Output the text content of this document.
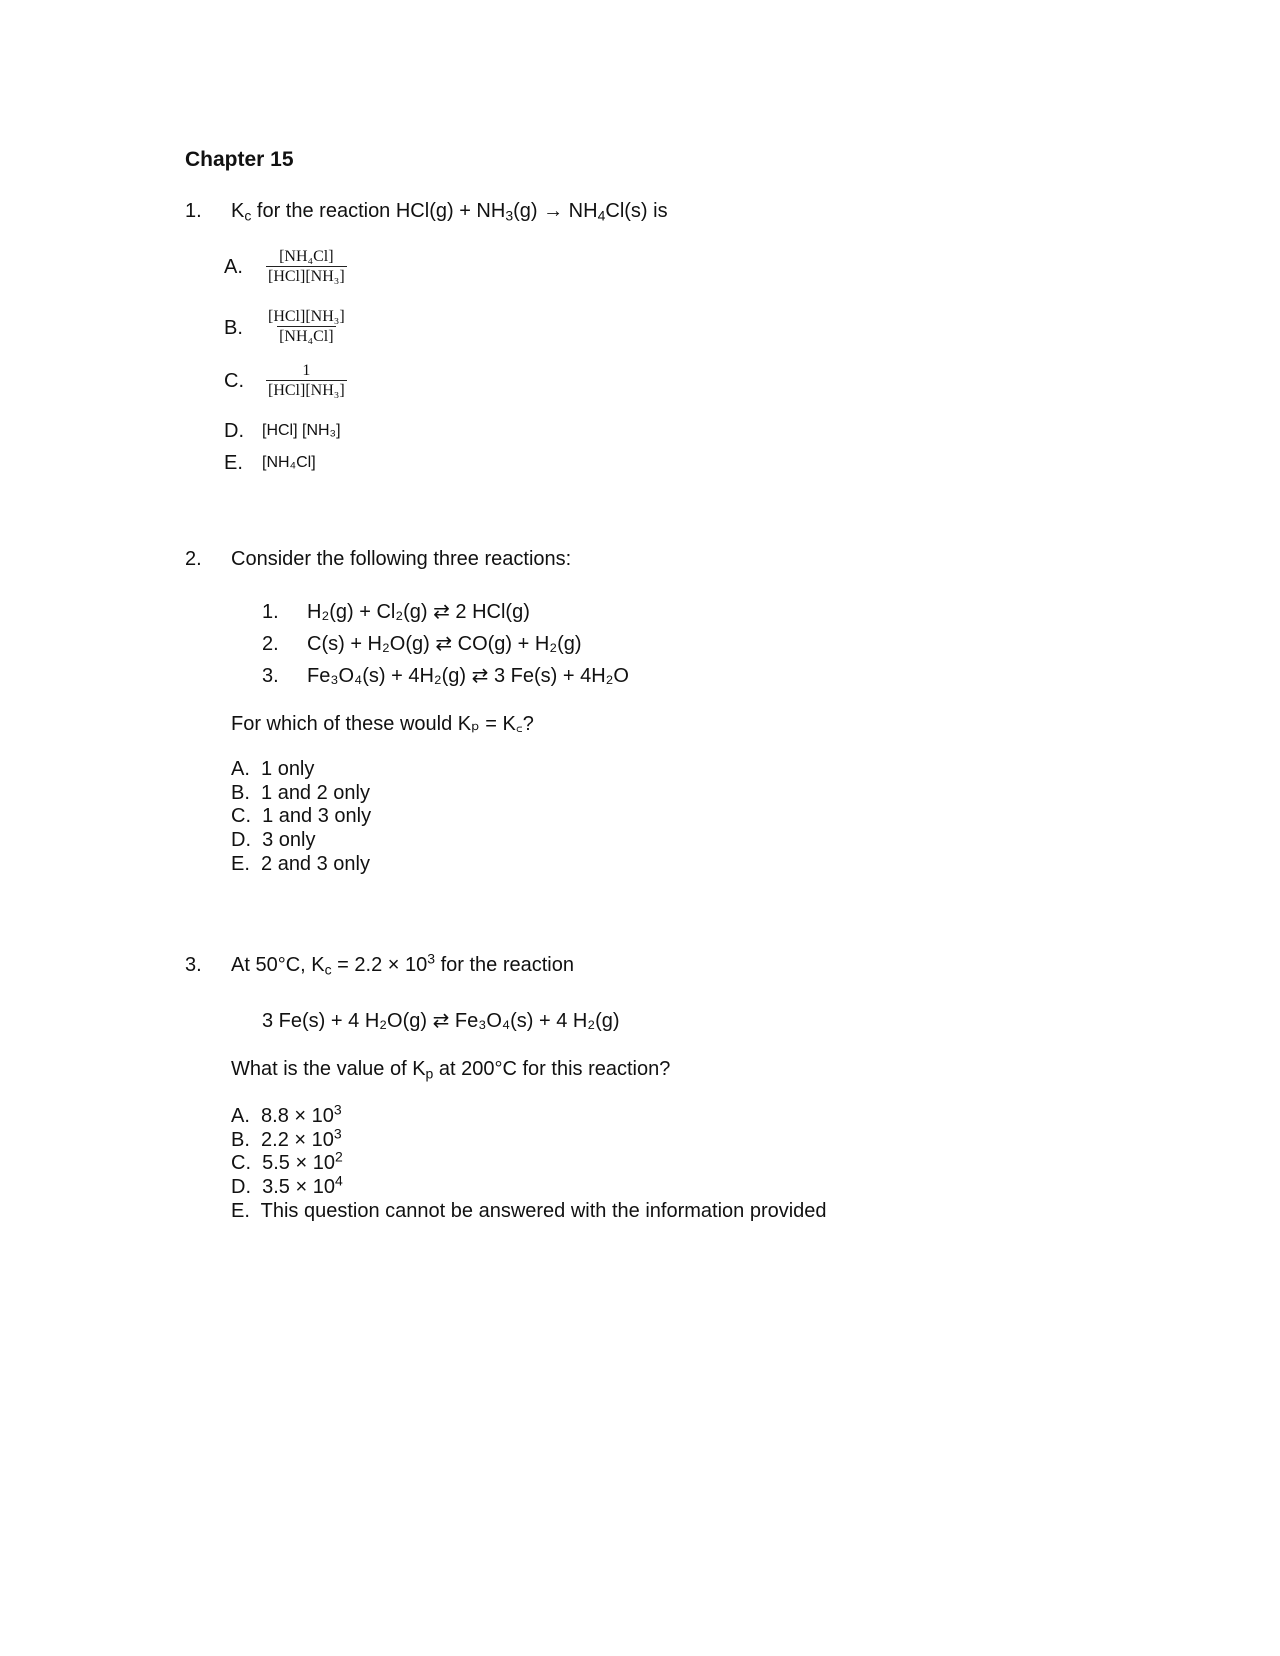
Chapter 15
1. $K_c$ for the reaction $HCl(g) + NH_3(g) \to NH_4Cl(s)$ is
A. [NH₄Cl]
[HCl][NH₃]
B.
[HCl][NH₃]
[NH₄Cl]
C.	1
[HCl][NH₃]
D. [HCl] [NH₃]
E. [NH₄Cl]
2. Consider the following three reactions:
1. H₂(g) + Cl₂(g) ⇄ 2 HCl(g)
2. C(s) + H₂O(g) ⇄ CO(g) + H₂(g)
3. Fe₃O₄(s) + 4H₂(g) ⇄ 3 Fe(s) + 4H₂O
For which of these would Kₚ = K꜀?
A.  1 only
B.  1 and 2 only
C.  1 and 3 only
D.  3 only
E.  2 and 3 only
3. At 50°C, $K_c = 2.2 \times 10^3$ for the reaction
3 Fe(s) + 4 H₂O(g) ⇄ Fe₃O₄(s) + 4 H₂(g)
What is the value of $K_p$ at 200°C for this reaction?
A.  $8.8 \times 10^3$
B.  $2.2 \times 10^3$
C.  $5.5 \times 10^2$
D.  $3.5 \times 10^4$
E.  This question cannot be answered with the information provided
